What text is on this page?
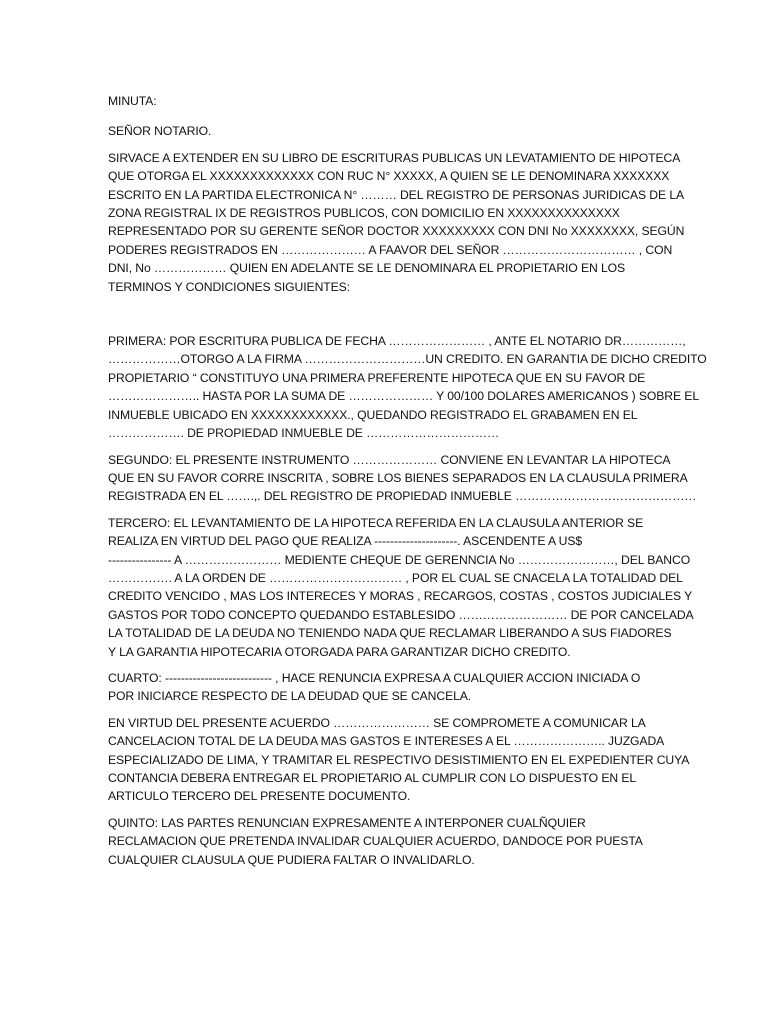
MINUTA:
SEÑOR NOTARIO.
SIRVACE A EXTENDER EN SU LIBRO DE ESCRITURAS PUBLICAS UN LEVATAMIENTO DE HIPOTECA
QUE OTORGA EL XXXXXXXXXXXXX CON RUC N° XXXXX, A QUIEN SE LE DENOMINARA XXXXXXX
ESCRITO EN LA PARTIDA ELECTRONICA N° ……… DEL REGISTRO DE PERSONAS JURIDICAS DE LA
ZONA REGISTRAL IX DE REGISTROS PUBLICOS, CON DOMICILIO EN XXXXXXXXXXXXXX
REPRESENTADO POR SU GERENTE SEÑOR DOCTOR XXXXXXXXX CON DNI No XXXXXXXX, SEGÚN
PODERES REGISTRADOS EN ………………… A FAAVOR DEL SEÑOR …………………………… , CON
DNI, No ……………… QUIEN EN ADELANTE SE LE DENOMINARA EL PROPIETARIO EN LOS
TERMINOS Y CONDICIONES SIGUIENTES:
PRIMERA: POR ESCRITURA PUBLICA DE FECHA …………………… , ANTE EL NOTARIO DR……………,
………………OTORGO A LA FIRMA …………………………UN CREDITO. EN GARANTIA DE DICHO CREDITO
PROPIETARIO “ CONSTITUYO UNA PRIMERA PREFERENTE HIPOTECA QUE EN SU FAVOR DE
………………….. HASTA POR LA SUMA DE ………………… Y 00/100 DOLARES AMERICANOS ) SOBRE EL
INMUEBLE UBICADO EN XXXXXXXXXXXX., QUEDANDO REGISTRADO EL GRABAMEN EN EL
………………. DE PROPIEDAD INMUEBLE DE ……………………………
SEGUNDO: EL PRESENTE INSTRUMENTO ………………… CONVIENE EN LEVANTAR LA HIPOTECA
QUE EN SU FAVOR CORRE INSCRITA , SOBRE LOS BIENES SEPARADOS EN LA CLAUSULA PRIMERA
REGISTRADA EN EL …….,. DEL REGISTRO DE PROPIEDAD INMUEBLE ………………………………………
TERCERO: EL LEVANTAMIENTO DE LA HIPOTECA REFERIDA EN LA CLAUSULA ANTERIOR SE
REALIZA EN VIRTUD DEL PAGO QUE REALIZA ---------------------. ASCENDENTE A US$
---------------- A …………………… MEDIENTE CHEQUE DE GERENNCIA No ……………………, DEL BANCO
……………. A LA ORDEN DE …………………………… , POR EL CUAL SE CNACELA LA TOTALIDAD DEL
CREDITO VENCIDO , MAS LOS INTERECES Y MORAS , RECARGOS, COSTAS , COSTOS JUDICIALES Y
GASTOS POR TODO CONCEPTO QUEDANDO ESTABLESIDO ……………………… DE POR CANCELADA
LA TOTALIDAD DE LA DEUDA NO TENIENDO NADA QUE RECLAMAR LIBERANDO A SUS FIADORES
Y LA GARANTIA HIPOTECARIA OTORGADA PARA GARANTIZAR DICHO CREDITO.
CUARTO: --------------------------- , HACE RENUNCIA EXPRESA A CUALQUIER ACCION INICIADA O
POR INICIARCE RESPECTO DE LA DEUDAD QUE SE CANCELA.
EN VIRTUD DEL PRESENTE ACUERDO …………………… SE COMPROMETE A COMUNICAR LA
CANCELACION TOTAL DE LA DEUDA MAS GASTOS E INTERESES A EL ………………….. JUZGADA
ESPECIALIZADO DE LIMA, Y TRAMITAR EL RESPECTIVO DESISTIMIENTO EN EL EXPEDIENTER CUYA
CONTANCIA DEBERA ENTREGAR EL PROPIETARIO AL CUMPLIR CON LO DISPUESTO EN EL
ARTICULO TERCERO DEL PRESENTE DOCUMENTO.
QUINTO: LAS PARTES RENUNCIAN EXPRESAMENTE A INTERPONER CUALÑQUIER
RECLAMACION QUE PRETENDA INVALIDAR CUALQUIER ACUERDO, DANDOCE POR PUESTA
CUALQUIER CLAUSULA QUE PUDIERA FALTAR O INVALIDARLO.
